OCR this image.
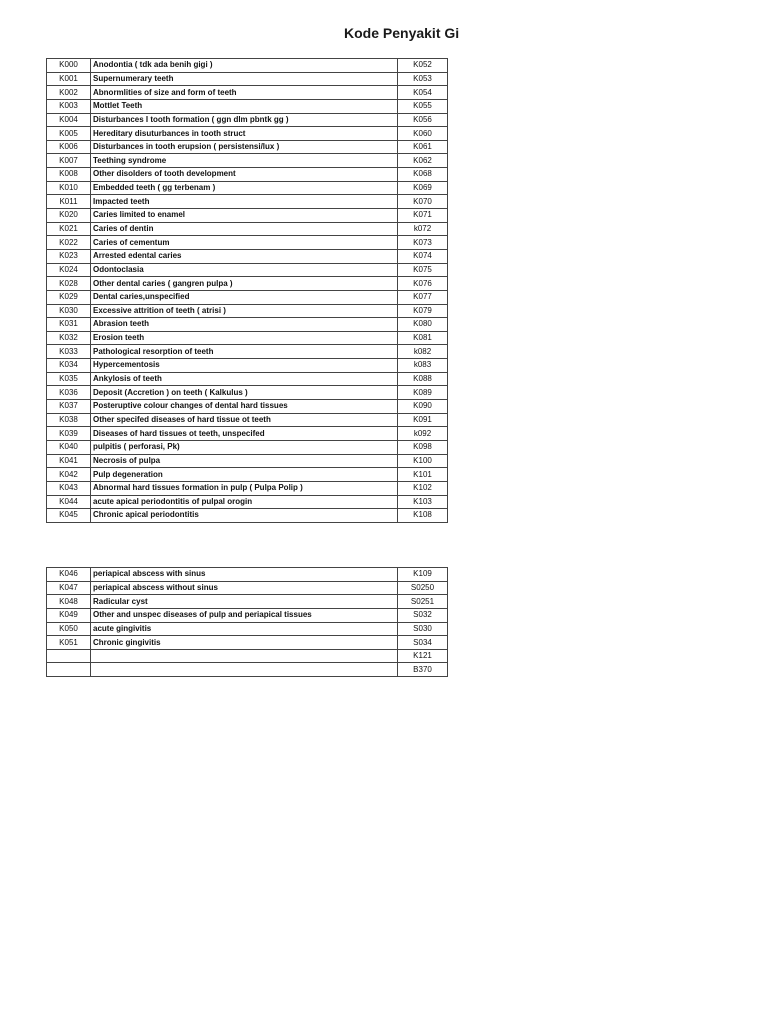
Kode Penyakit Gi
K000	Anodontia ( tdk ada benih gigi )	K052
K001	Supernumerary teeth	K053
K002	Abnormlities of size and form of teeth	K054
K003	Mottlet Teeth	K055
K004	Disturbances I tooth formation ( ggn dlm pbntk gg )	K056
K005	Hereditary disuturbances in tooth struct	K060
K006	Disturbances in tooth erupsion ( persistensi/lux )	K061
K007	Teething syndrome	K062
K008	Other disolders of tooth development	K068
K010	Embedded teeth ( gg terbenam )	K069
K011	Impacted teeth	K070
K020	Caries limited to enamel	K071
K021	Caries of dentin	k072
K022	Caries of cementum	K073
K023	Arrested edental caries	K074
K024	Odontoclasia	K075
K028	Other dental caries ( gangren pulpa )	K076
K029	Dental caries,unspecified	K077
K030	Excessive attrition of teeth ( atrisi )	K079
K031	Abrasion teeth	K080
K032	Erosion teeth	K081
K033	Pathological resorption of teeth	k082
K034	Hypercementosis	k083
K035	Ankylosis of teeth	K088
K036	Deposit (Accretion ) on teeth ( Kalkulus )	K089
K037	Posteruptive colour changes of dental hard tissues	K090
K038	Other specifed diseases of hard tissue ot teeth	K091
K039	Diseases of hard tissues ot teeth, unspecifed	k092
K040	pulpitis ( perforasi, Pk)	K098
K041	Necrosis of pulpa	K100
K042	Pulp degeneration	K101
K043	Abnormal hard tissues formation in pulp ( Pulpa Polip )	K102
K044	acute apical periodontitis of pulpal orogin	K103
K045	Chronic apical periodontitis	K108
K046	periapical abscess with sinus	K109
K047	periapical abscess without sinus	S0250
K048	Radicular cyst	S0251
K049	Other and unspec diseases of pulp and periapical tissues	S032
K050	acute gingivitis	S030
K051	Chronic gingivitis	S034
		K121
		B370
